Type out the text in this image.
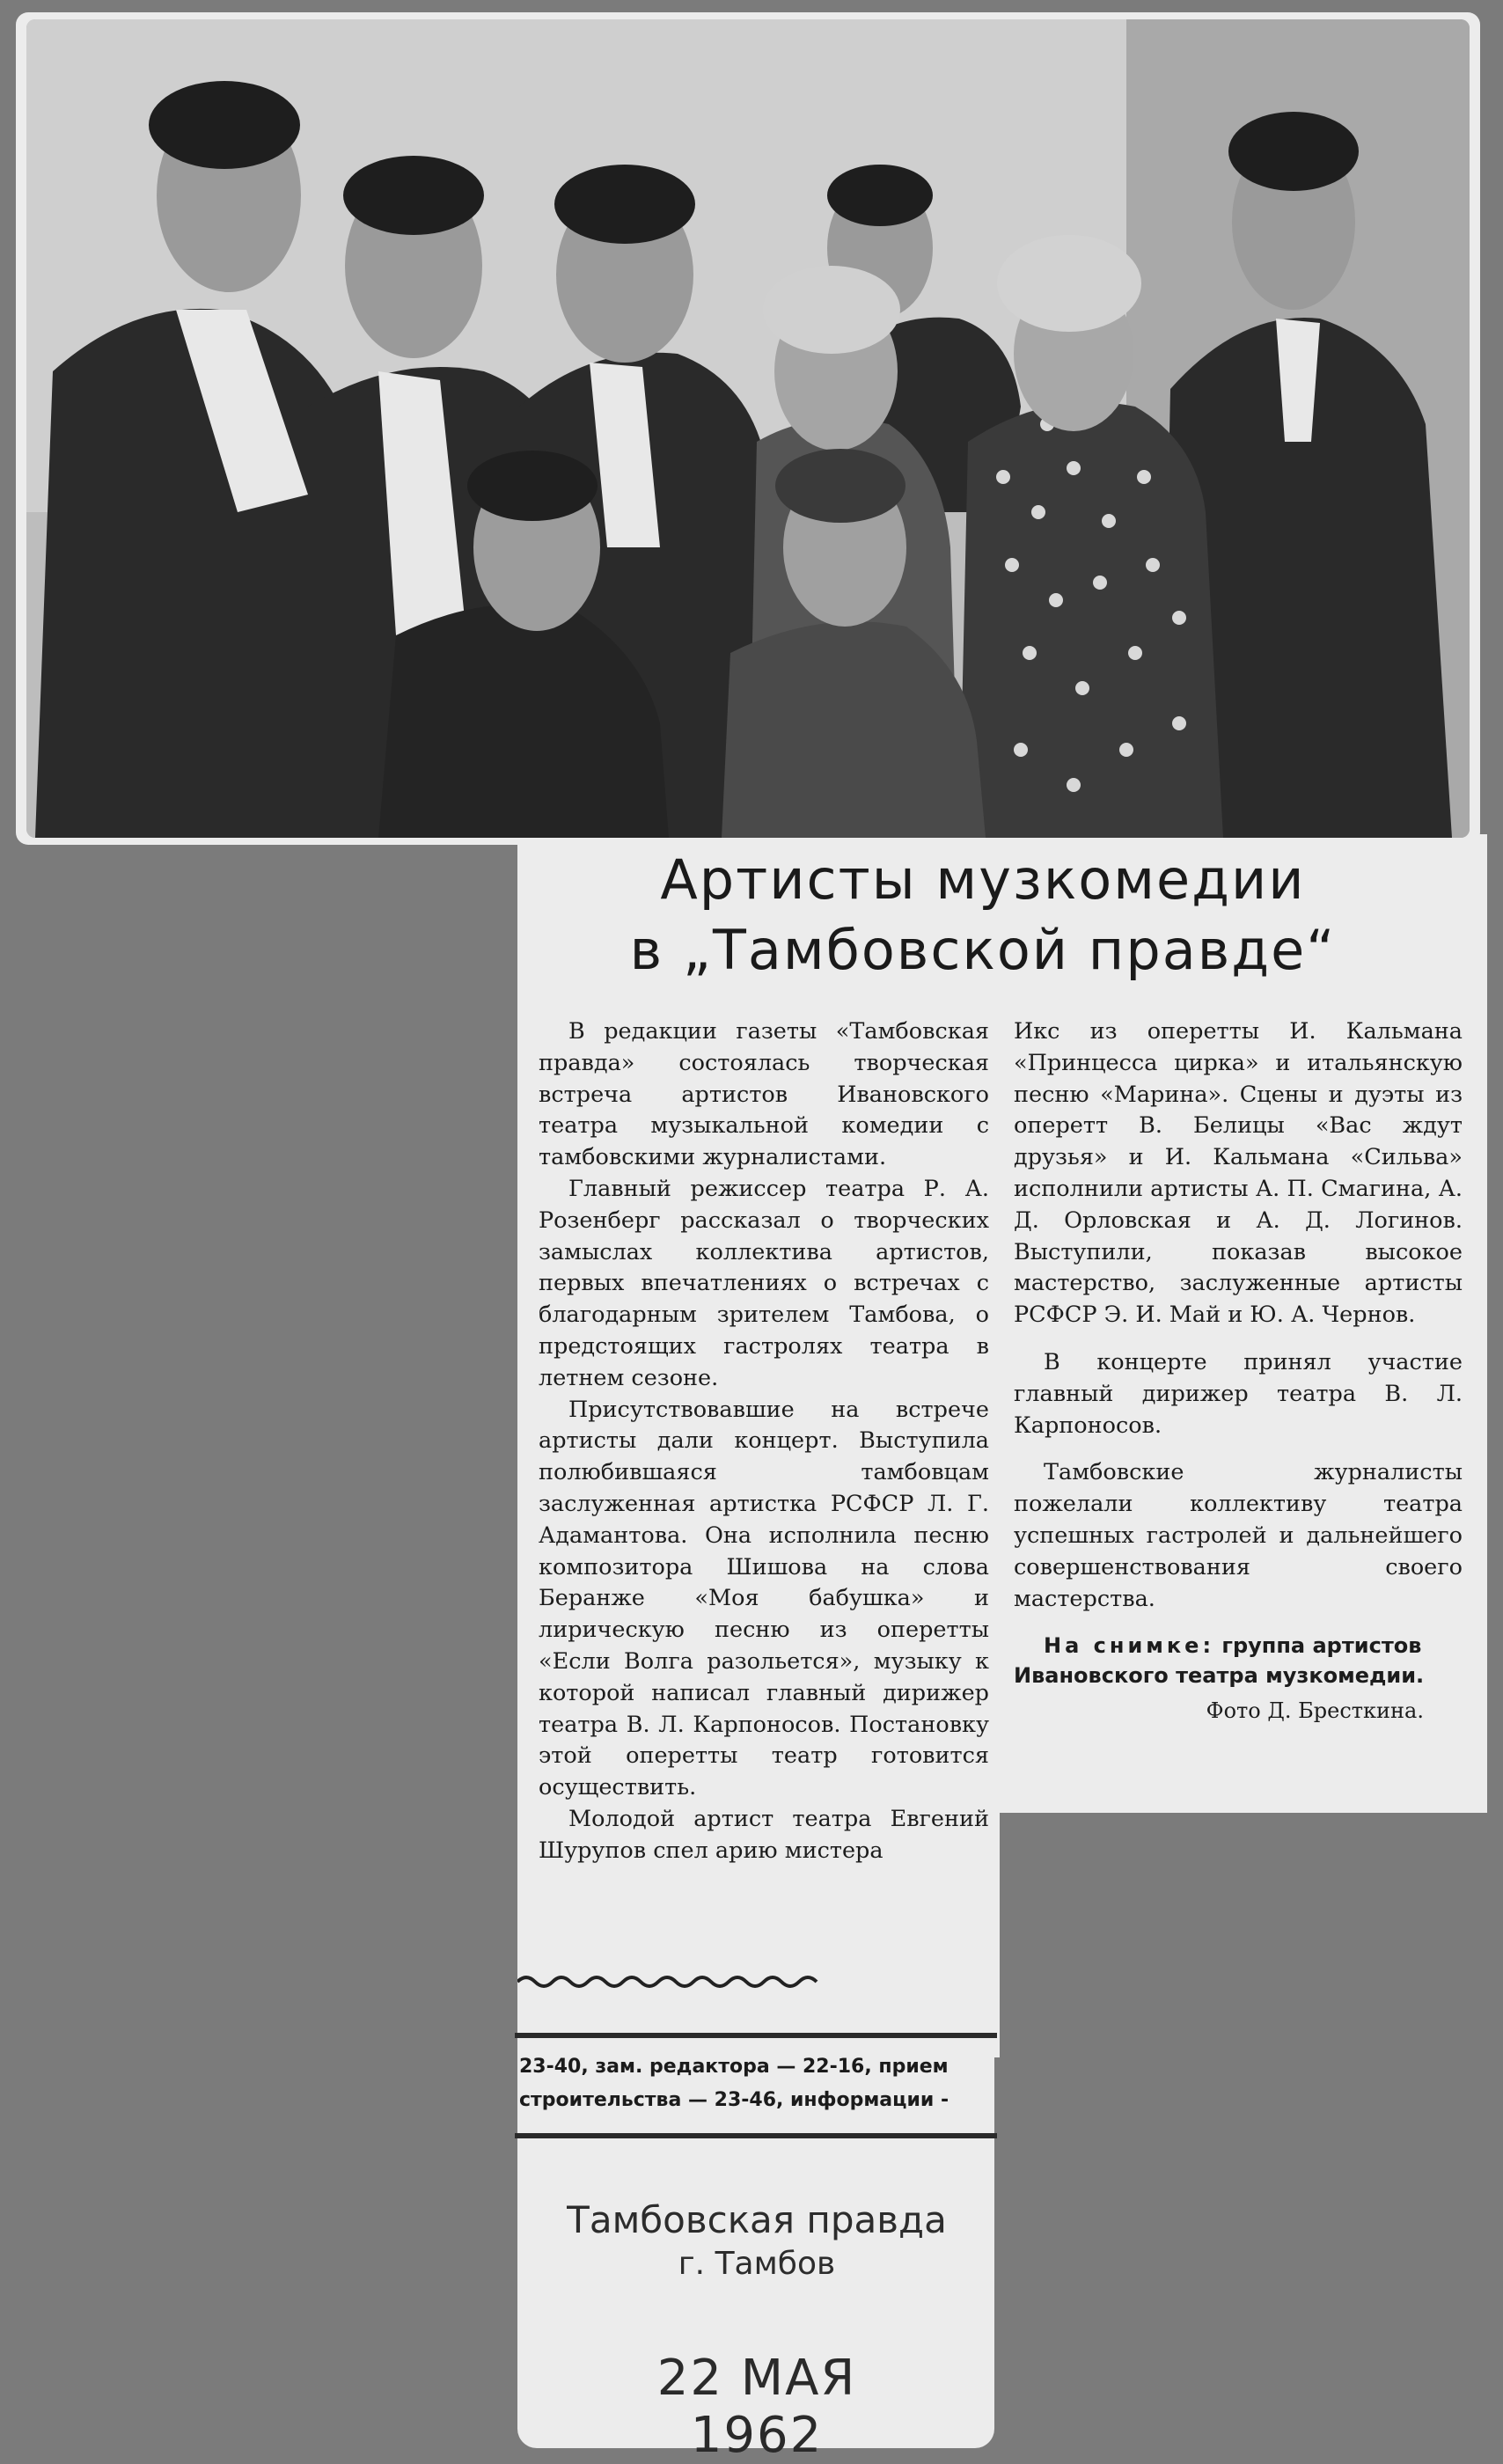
Артисты музкомедии
в „Тамбовской правде“

В редакции газеты «Тамбовская правда» состоялась творческая встреча артистов Ивановского театра музыкальной комедии с тамбовскими журналистами.

Главный режиссер театра Р. А. Розенберг рассказал о творческих замыслах коллектива артистов, первых впечатлениях о встречах с благодарным зрителем Тамбова, о предстоящих гастролях театра в летнем сезоне.

Присутствовавшие на встрече артисты дали концерт. Выступила полюбившаяся тамбовцам заслуженная артистка РСФСР Л. Г. Адамантова. Она исполнила песню композитора Шишова на слова Беранже «Моя бабушка» и лирическую песню из оперетты «Если Волга разольется», музыку к которой написал главный дирижер театра В. Л. Карпоносов. Постановку этой оперетты театр готовится осуществить.

Молодой артист театра Евгений Шурупов спел арию мистера

Икс из оперетты И. Кальмана «Принцесса цирка» и итальянскую песню «Марина». Сцены и дуэты из оперетт В. Белицы «Вас ждут друзья» и И. Кальмана «Сильва» исполнили артисты А. П. Смагина, А. Д. Орловская и А. Д. Логинов. Выступили, показав высокое мастерство, заслуженные артисты РСФСР Э. И. Май и Ю. А. Чернов.

В концерте принял участие главный дирижер театра В. Л. Карпоносов.

Тамбовские журналисты пожелали коллективу театра успешных гастролей и дальнейшего совершенствования своего мастерства.

На снимке: группа артистов Ивановского театра музкомедии.
Фото Д. Бресткина.
23-40, зам. редактора — 22-16, прием
строительства — 23-46, информации -
Тамбовская правда
г. Тамбов
22 МАЯ 1962
